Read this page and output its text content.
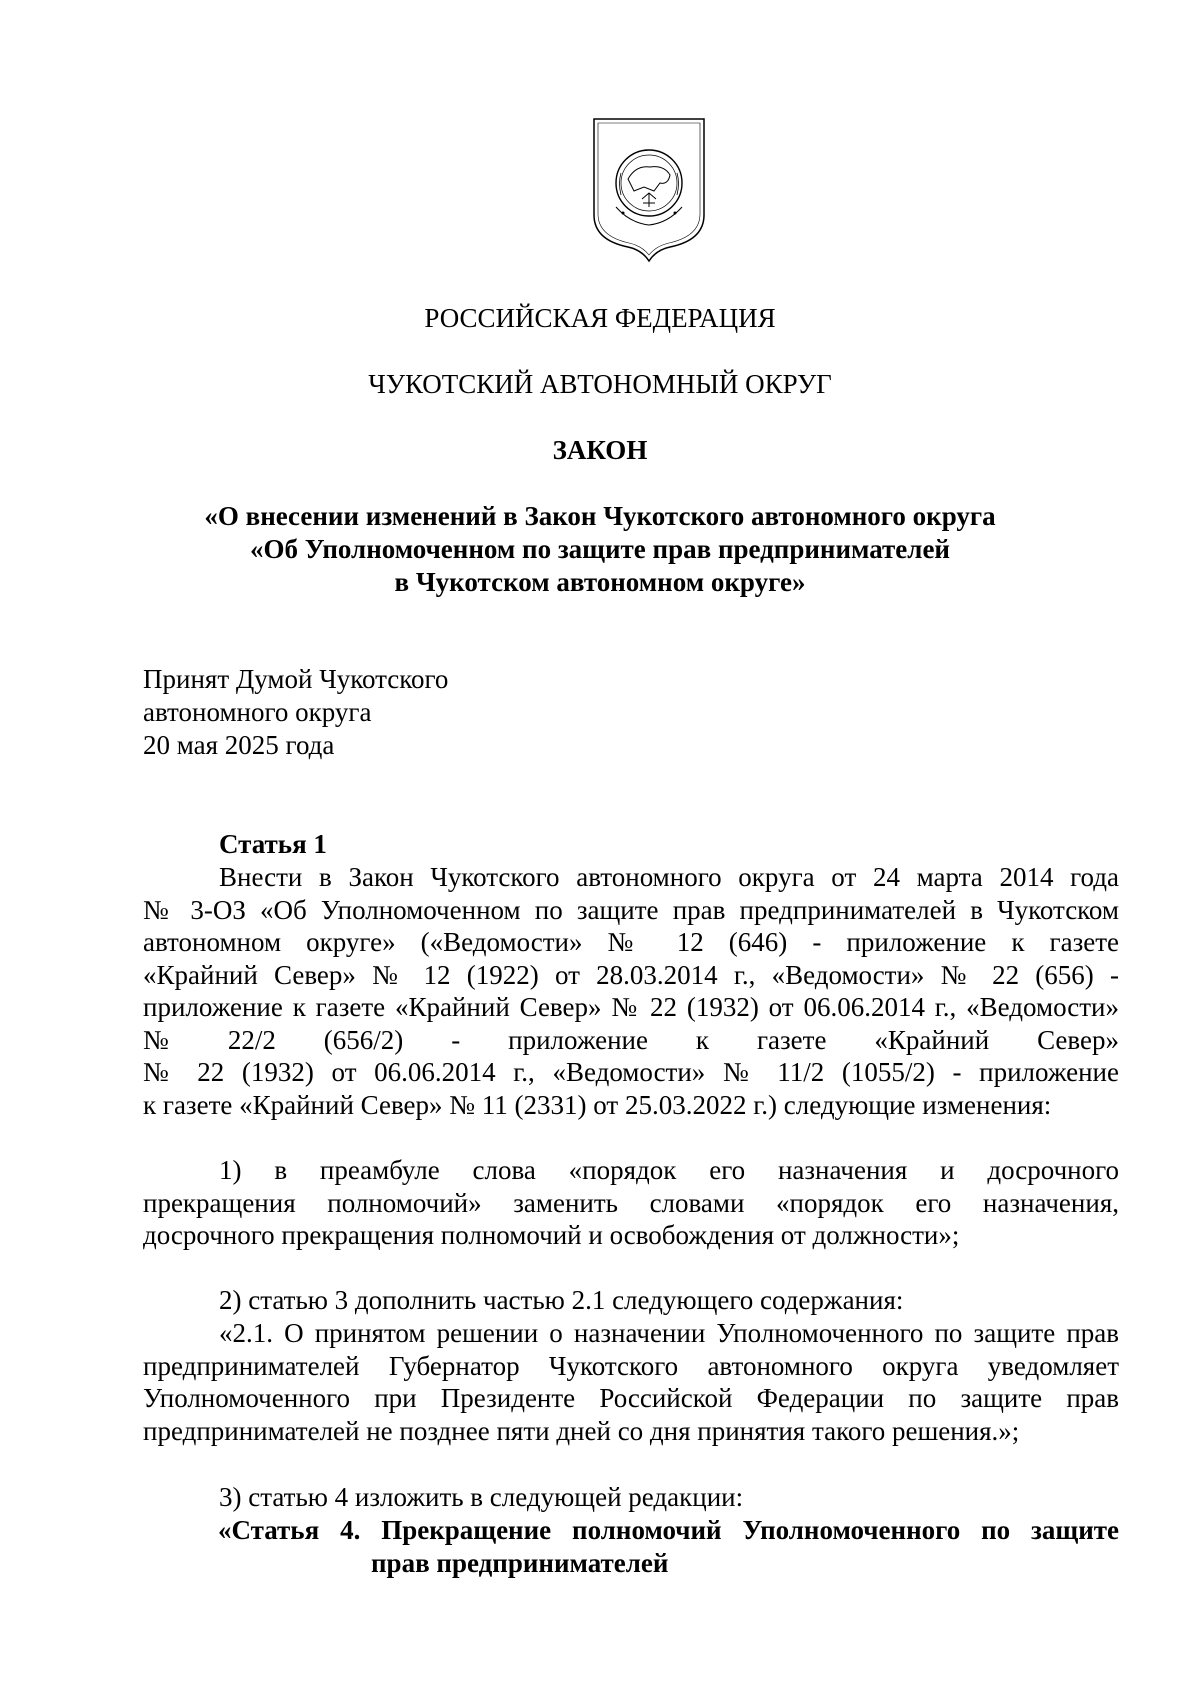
РОССИЙСКАЯ ФЕДЕРАЦИЯ
ЧУКОТСКИЙ АВТОНОМНЫЙ ОКРУГ
ЗАКОН
«О внесении изменений в Закон Чукотского автономного округа
«Об Уполномоченном по защите прав предпринимателей
в Чукотском автономном округе»
Принят Думой Чукотского
автономного округа
20 мая 2025 года
Статья 1
Внести в Закон Чукотского автономного округа от 24 марта 2014 года
№ 3-ОЗ «Об Уполномоченном по защите прав предпринимателей в Чукотском
автономном округе» («Ведомости» № 12 (646) - приложение к газете
«Крайний Север» № 12 (1922) от 28.03.2014 г., «Ведомости» № 22 (656) -
приложение к газете «Крайний Север» № 22 (1932) от 06.06.2014 г., «Ведомости»
№ 22/2 (656/2) - приложение к газете «Крайний Север»
№ 22 (1932) от 06.06.2014 г., «Ведомости» № 11/2 (1055/2) - приложение
к газете «Крайний Север» № 11 (2331) от 25.03.2022 г.) следующие изменения:
1) в преамбуле слова «порядок его назначения и досрочного
прекращения полномочий» заменить словами «порядок его назначения,
досрочного прекращения полномочий и освобождения от должности»;
2) статью 3 дополнить частью 2.1 следующего содержания:
«2.1. О принятом решении о назначении Уполномоченного по защите прав
предпринимателей Губернатор Чукотского автономного округа уведомляет
Уполномоченного при Президенте Российской Федерации по защите прав
предпринимателей не позднее пяти дней со дня принятия такого решения.»;
3) статью 4 изложить в следующей редакции:
«Статья 4. Прекращение полномочий Уполномоченного по защите
прав предпринимателей
